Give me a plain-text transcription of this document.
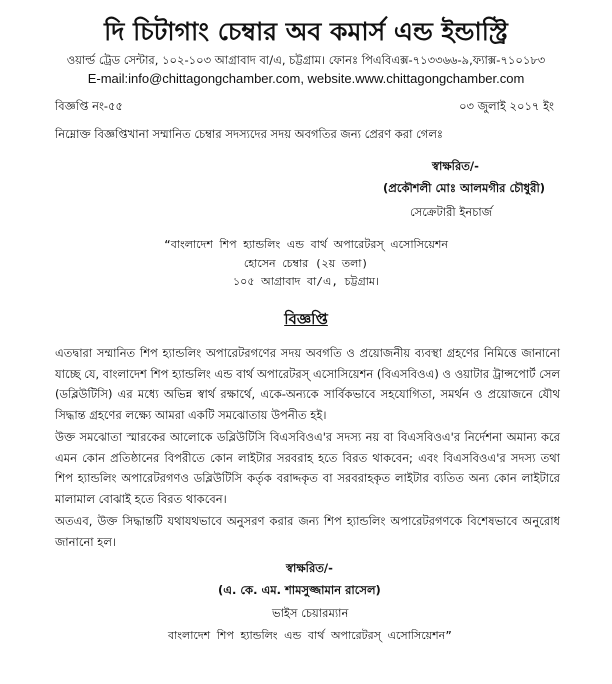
দি চিটাগাং চেম্বার অব কমার্স এন্ড ইন্ডাস্ট্রি
ওয়ার্ল্ড ট্রেড সেন্টার, ১০২-১০৩ আগ্রাবাদ বা/এ, চট্টগ্রাম। ফোনঃ পিএবিএক্স-৭১৩৩৬৬-৯,ফ্যাক্স-৭১০১৮৩
E-mail:info@chittagongchamber.com, website.www.chittagongchamber.com
বিজ্ঞপ্তি নং-৫৫	০৩ জুলাই ২০১৭ ইং
নিম্নোক্ত বিজ্ঞপ্তিখানা সম্মানিত চেম্বার সদস্যদের সদয় অবগতির জন্য প্রেরণ করা গেলঃ
স্বাক্ষরিত/-
(প্রকৌশলী মোঃ আলমগীর চৌধুরী)
সেক্রেটারী ইনচার্জ
“বাংলাদেশ শিপ হ্যান্ডলিং এন্ড বার্থ অপারেটরস্ এসোসিয়েশন
হোসেন চেম্বার (২য় তলা)
১০৫ আগ্রাবাদ বা/এ, চট্টগ্রাম।
বিজ্ঞপ্তি
এতদ্বারা সম্মানিত শিপ হ্যান্ডলিং অপারেটরগণের সদয় অবগতি ও প্রয়োজনীয় ব্যবস্থা গ্রহণের নিমিত্তে জানানো যাচ্ছে যে, বাংলাদেশ শিপ হ্যান্ডলিং এন্ড বার্থ অপারেটরস্ এসোসিয়েশন (বিএসবিওএ) ও ওয়াটার ট্রান্সপোর্ট সেল (ডব্লিউটিসি) এর মধ্যে অভিন্ন স্বার্থ রক্ষার্থে, একে-অন্যকে সার্বিকভাবে সহযোগিতা, সমর্থন ও প্রয়োজনে যৌথ সিদ্ধান্ত গ্রহণের লক্ষ্যে আমরা একটি সমঝোতায় উপনীত হই।
উক্ত সমঝোতা স্মারকের আলোকে ডব্লিউটিসি বিএসবিওএ'র সদস্য নয় বা বিএসবিওএ'র নির্দেশনা অমান্য করে এমন কোন প্রতিষ্ঠানের বিপরীতে কোন লাইটার সরবরাহ হতে বিরত থাকবেন; এবং বিএসবিওএ'র সদস্য তথা শিপ হ্যান্ডলিং অপারেটরগণও ডব্লিউটিসি কর্তৃক বরাদ্দকৃত বা সরবরাহকৃত লাইটার ব্যতিত অন্য কোন লাইটারে মালামাল বোঝাই হতে বিরত থাকবেন।
অতএব, উক্ত সিদ্ধান্তটি যথাযথভাবে অনুসরণ করার জন্য শিপ হ্যান্ডলিং অপারেটরগণকে বিশেষভাবে অনুরোধ জানানো হল।
স্বাক্ষরিত/-
(এ. কে. এম. শামসুজ্জামান রাসেল)
ভাইস চেয়ারম্যান
বাংলাদেশ শিপ হ্যান্ডলিং এন্ড বার্থ অপারেটরস্ এসোসিয়েশন”
